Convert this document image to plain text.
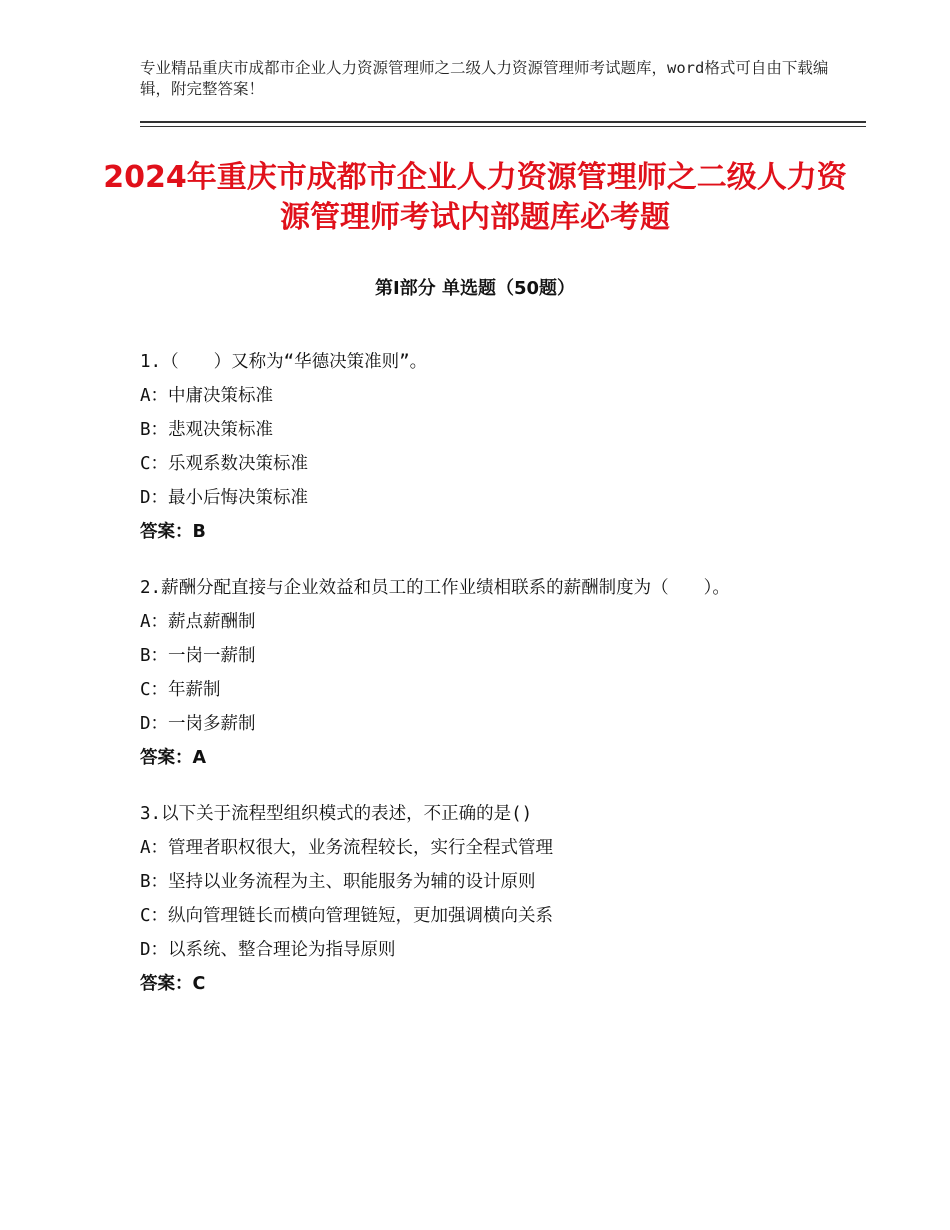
专业精品重庆市成都市企业人力资源管理师之二级人力资源管理师考试题库，word格式可自由下载编辑，附完整答案！
2024年重庆市成都市企业人力资源管理师之二级人力资源管理师考试内部题库必考题
第Ⅰ部分 单选题（50题）
1.（　　）又称为“华德决策准则”。
A：中庸决策标准
B：悲观决策标准
C：乐观系数决策标准
D：最小后悔决策标准
答案：B
2.薪酬分配直接与企业效益和员工的工作业绩相联系的薪酬制度为（　　）。
A：薪点薪酬制
B：一岗一薪制
C：年薪制
D：一岗多薪制
答案：A
3.以下关于流程型组织模式的表述，不正确的是()
A：管理者职权很大，业务流程较长，实行全程式管理
B：坚持以业务流程为主、职能服务为辅的设计原则
C：纵向管理链长而横向管理链短，更加强调横向关系
D：以系统、整合理论为指导原则
答案：C
